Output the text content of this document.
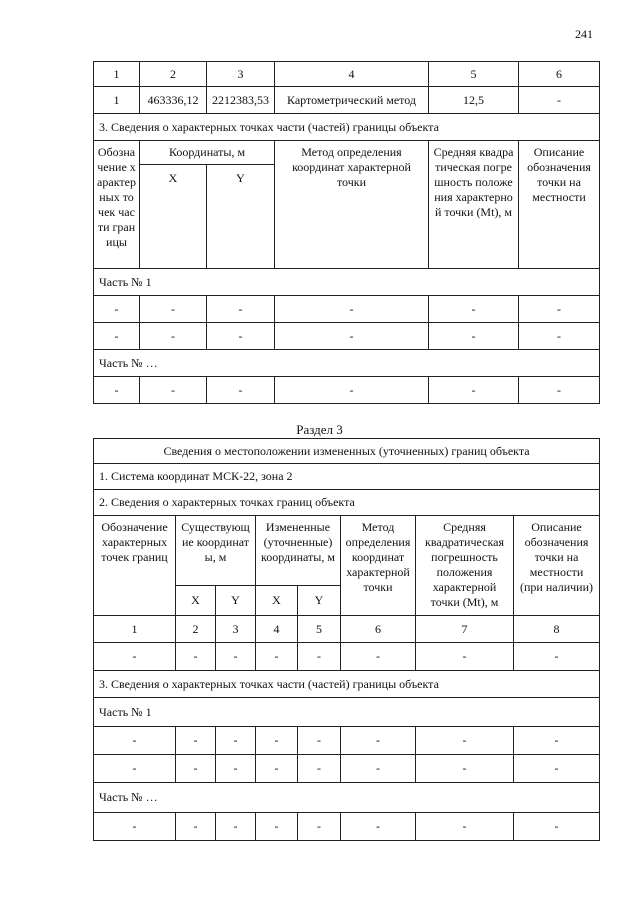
241
1	2	3	4	5	6
1	463336,12	2212383,53	Картометрический метод	12,5	-
3. Сведения о характерных точках части (частей) границы объекта					
Обозначение характерных точек части границы	Координаты, м		Метод определения координат характерной точки	Средняя квадратическая погрешность положения характерной точки (Mt), м	Описание обозначения точки на местности
	X	Y			
Часть № 1					
-	-	-	-	-	-
-	-	-	-	-	-
Часть № …					
-	-	-	-	-	-
Раздел 3
Сведения о местоположении измененных (уточненных) границ объекта							
1. Система координат МСК-22, зона 2							
2. Сведения о характерных точках границ объекта							
Обозначение характерных точек границ	Существующие координаты, м		Измененные (уточненные) координаты, м		Метод определения координат характерной точки	Средняя квадратическая погрешность положения характерной точки (Mt), м	Описание обозначения точки на местности (при наличии)
	X	Y	X	Y			
1	2	3	4	5	6	7	8
-	-	-	-	-	-	-	-
3. Сведения о характерных точках части (частей) границы объекта							
Часть № 1							
-	-	-	-	-	-	-	-
-	-	-	-	-	-	-	-
Часть № …							
-	-	-	-	-	-	-	-
